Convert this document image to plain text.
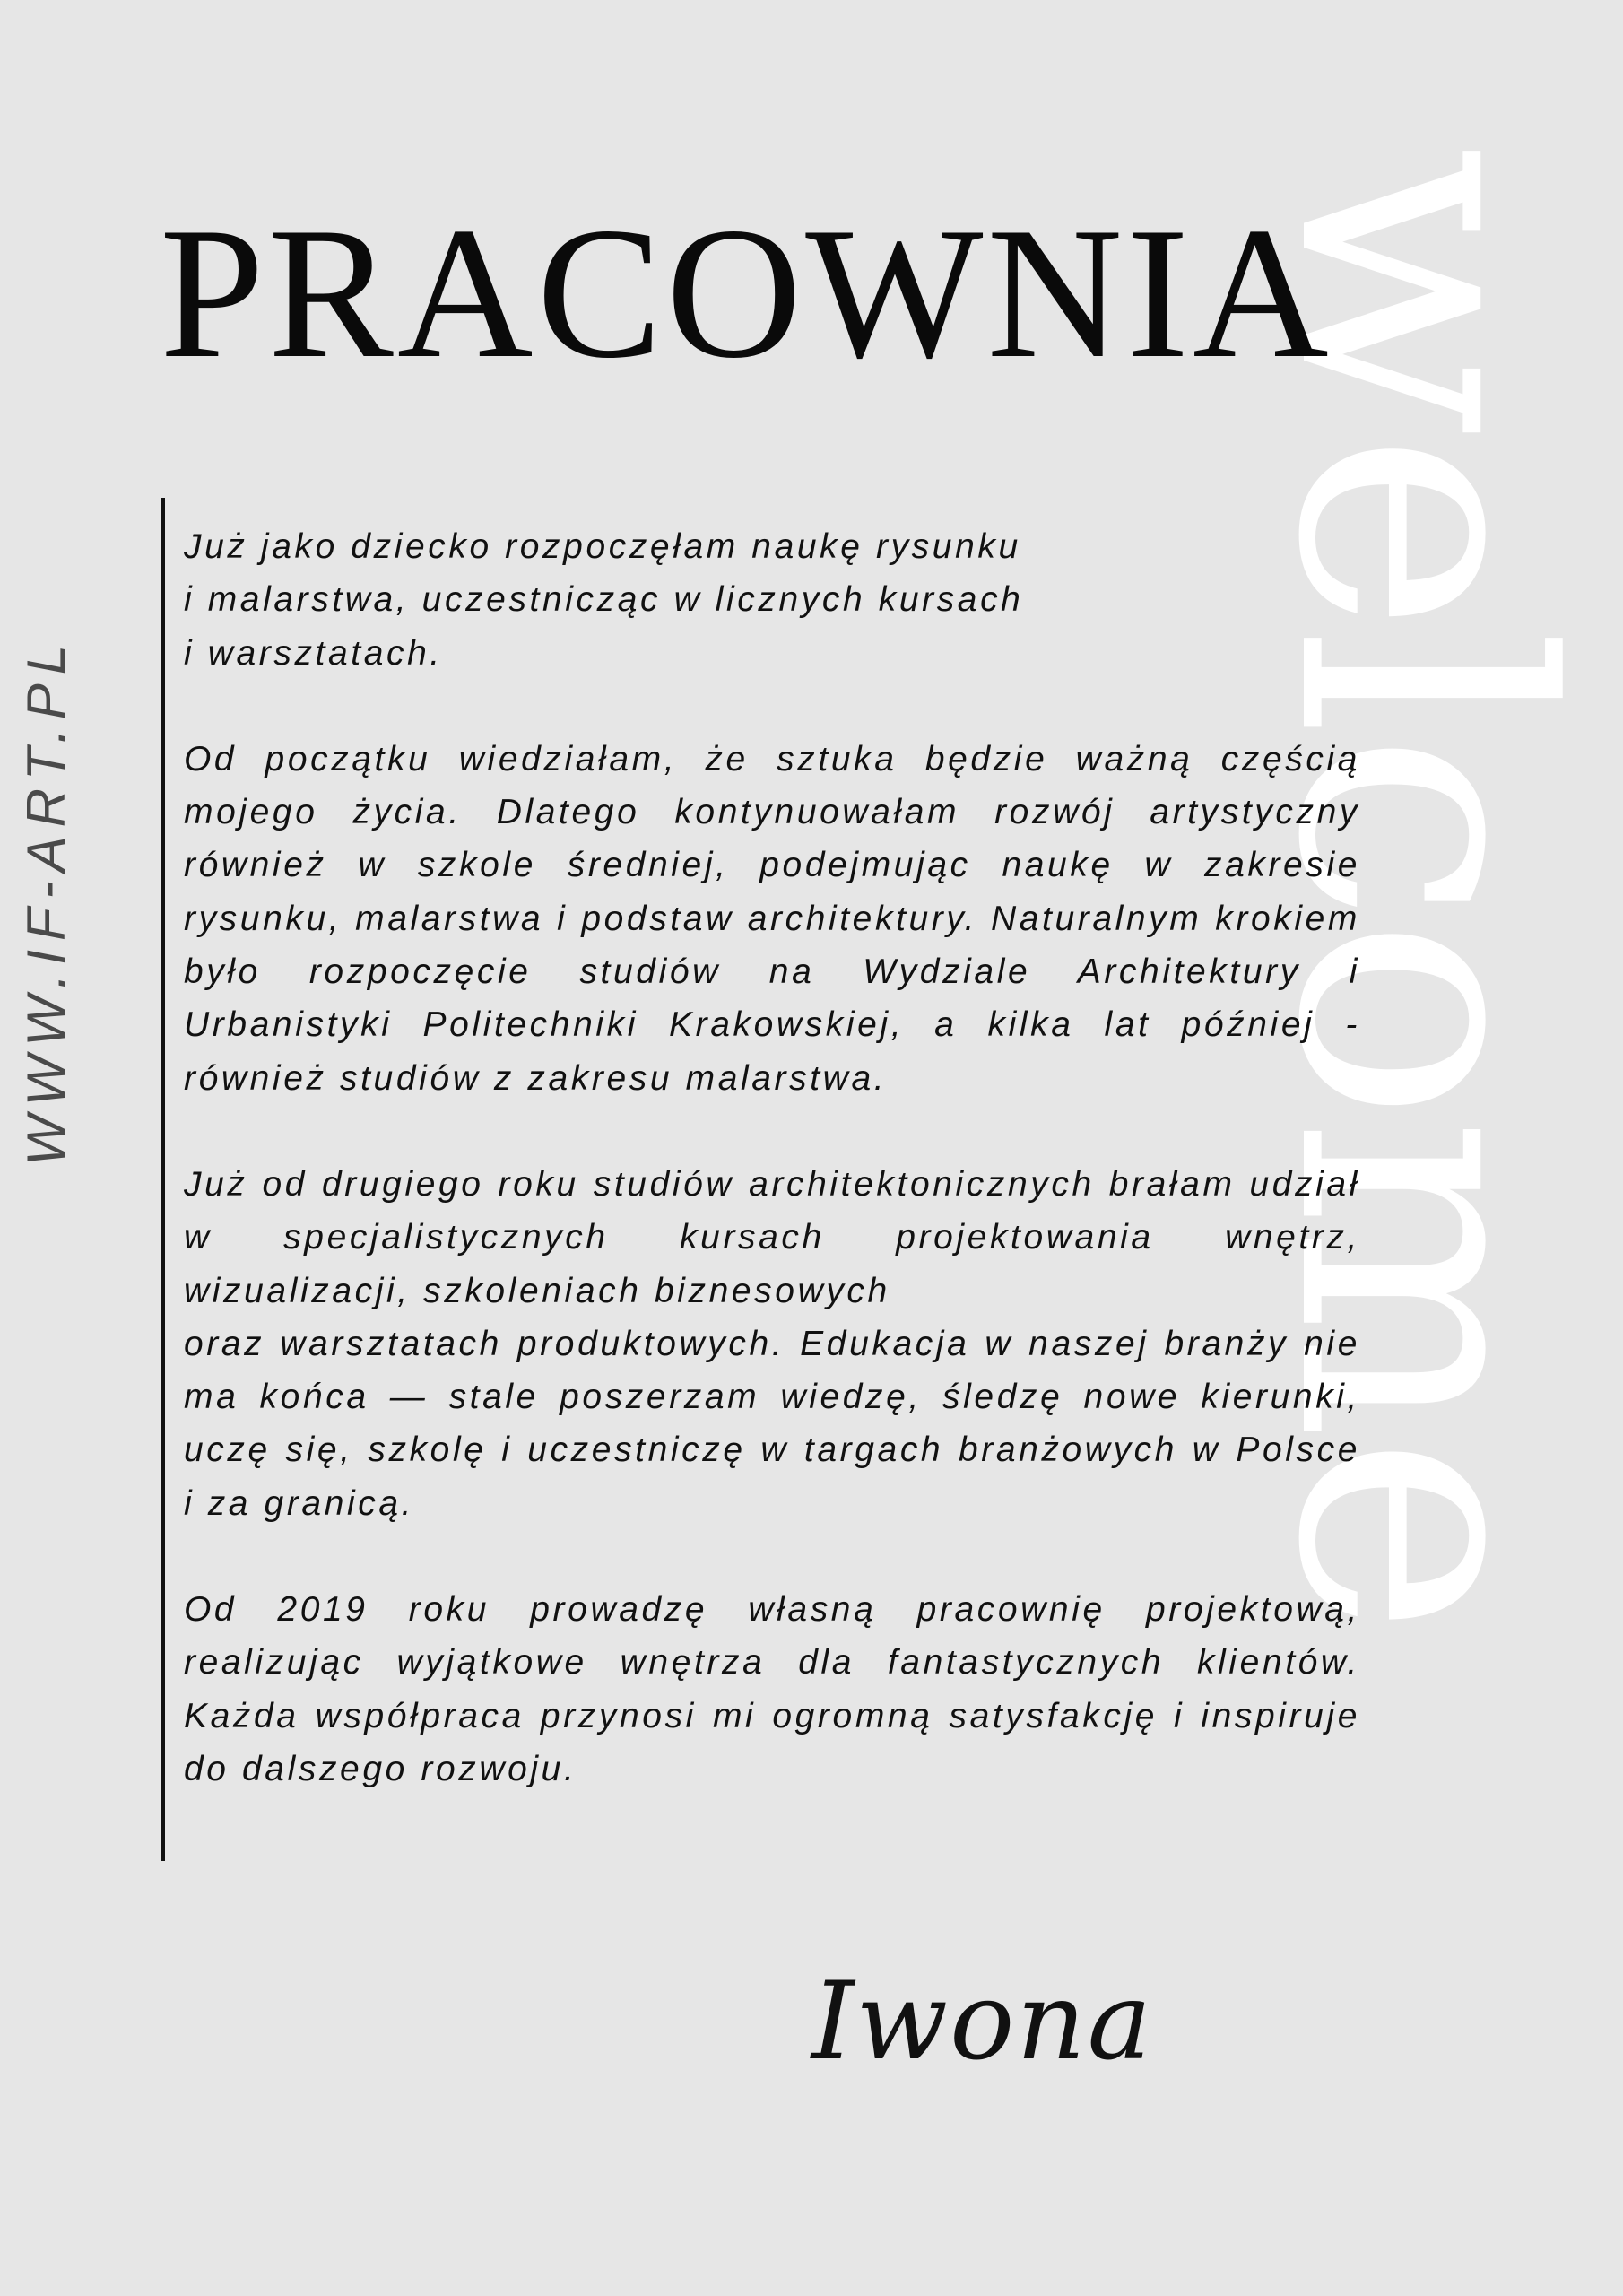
welcome
WWW.IF-ART.PL
PRACOWNIA

Już jako dziecko rozpoczęłam naukę rysunku
i malarstwa, uczestnicząc w licznych kursach
i warsztatach.

Od początku wiedziałam, że sztuka będzie ważną częścią mojego życia. Dlatego kontynuowałam rozwój artystyczny również w szkole średniej, podejmując naukę w zakresie rysunku, malarstwa i podstaw architektury. Naturalnym krokiem było rozpoczęcie studiów na Wydziale Architektury i Urbanistyki Politechniki Krakowskiej, a kilka lat później - również studiów z zakresu malarstwa.

Już od drugiego roku studiów architektonicznych brałam udział w specjalistycznych kursach projektowania wnętrz, wizualizacji, szkoleniach biznesowych
oraz warsztatach produktowych. Edukacja w naszej branży nie ma końca — stale poszerzam wiedzę, śledzę nowe kierunki, uczę się, szkolę i uczestniczę w targach branżowych w Polsce i za granicą.

Od 2019 roku prowadzę własną pracownię projektową, realizując wyjątkowe wnętrza dla fantastycznych klientów. Każda współpraca przynosi mi ogromną satysfakcję i inspiruje do dalszego rozwoju.

Iwona
